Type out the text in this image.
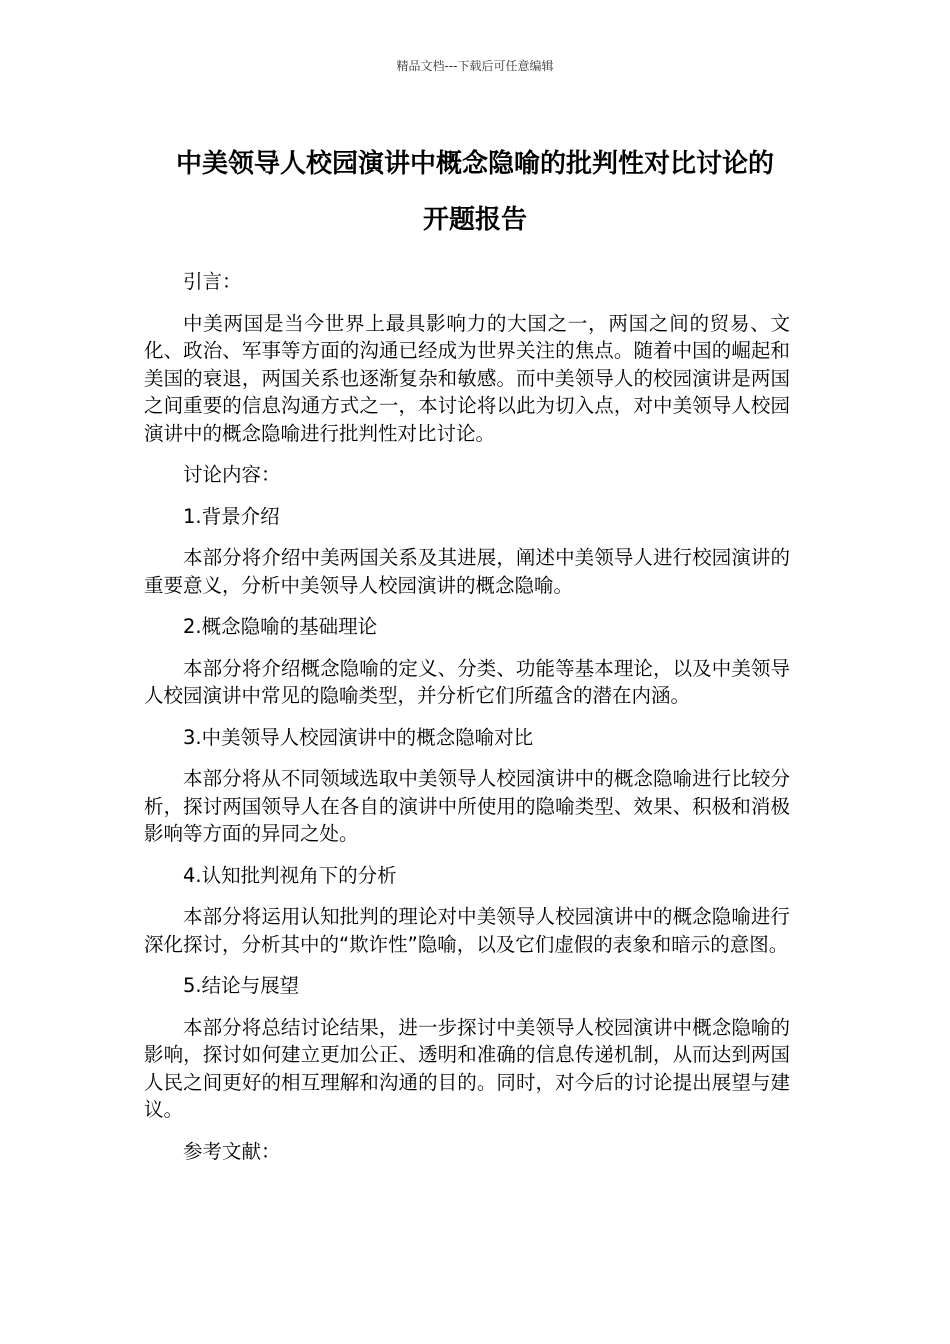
精品文档---下载后可任意编辑
中美领导人校园演讲中概念隐喻的批判性对比讨论的
开题报告

引言：

中美两国是当今世界上最具影响力的大国之一，两国之间的贸易、文化、政治、军事等方面的沟通已经成为世界关注的焦点。随着中国的崛起和美国的衰退，两国关系也逐渐复杂和敏感。而中美领导人的校园演讲是两国之间重要的信息沟通方式之一，本讨论将以此为切入点，对中美领导人校园演讲中的概念隐喻进行批判性对比讨论。

讨论内容：

1.背景介绍

本部分将介绍中美两国关系及其进展，阐述中美领导人进行校园演讲的重要意义，分析中美领导人校园演讲的概念隐喻。

2.概念隐喻的基础理论

本部分将介绍概念隐喻的定义、分类、功能等基本理论，以及中美领导人校园演讲中常见的隐喻类型，并分析它们所蕴含的潜在内涵。

3.中美领导人校园演讲中的概念隐喻对比

本部分将从不同领域选取中美领导人校园演讲中的概念隐喻进行比较分析，探讨两国领导人在各自的演讲中所使用的隐喻类型、效果、积极和消极影响等方面的异同之处。

4.认知批判视角下的分析

本部分将运用认知批判的理论对中美领导人校园演讲中的概念隐喻进行深化探讨，分析其中的“欺诈性”隐喻，以及它们虚假的表象和暗示的意图。

5.结论与展望

本部分将总结讨论结果，进一步探讨中美领导人校园演讲中概念隐喻的影响，探讨如何建立更加公正、透明和准确的信息传递机制，从而达到两国人民之间更好的相互理解和沟通的目的。同时，对今后的讨论提出展望与建议。

参考文献：
